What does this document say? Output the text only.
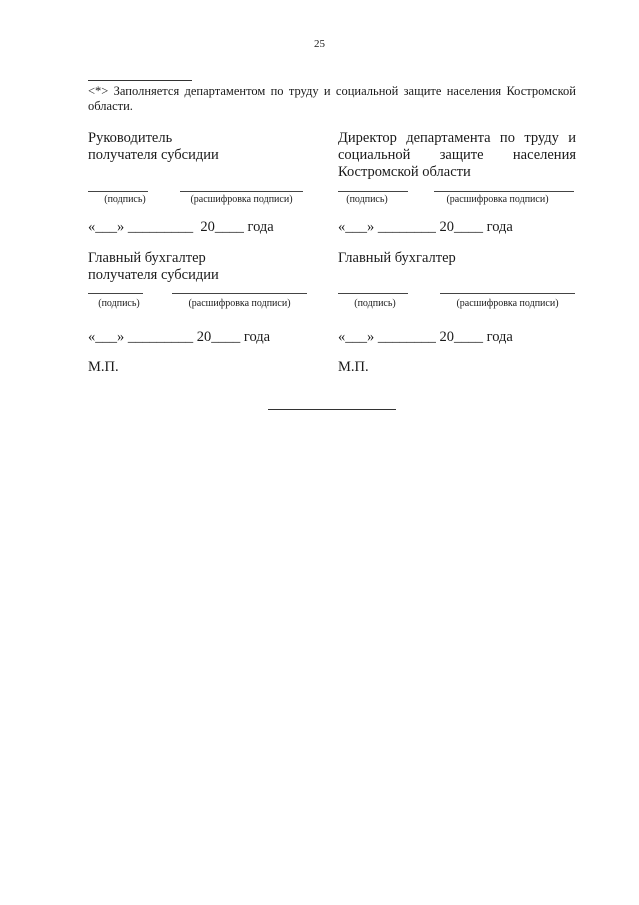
25
<*> Заполняется департаментом по труду и социальной защите населения Костромской области.
Руководитель
получателя субсидии
(подпись)	(расшифровка подписи)
«___» _________ 20____ года
Главный бухгалтер
получателя субсидии
(подпись)	(расшифровка подписи)
«___» _________ 20____ года
М.П.
Директор департамента по труду и социальной защите населения Костромской области
(подпись)	(расшифровка подписи)
«___» ________ 20____ года
Главный бухгалтер
(подпись)	(расшифровка подписи)
«___» ________ 20____ года
М.П.
